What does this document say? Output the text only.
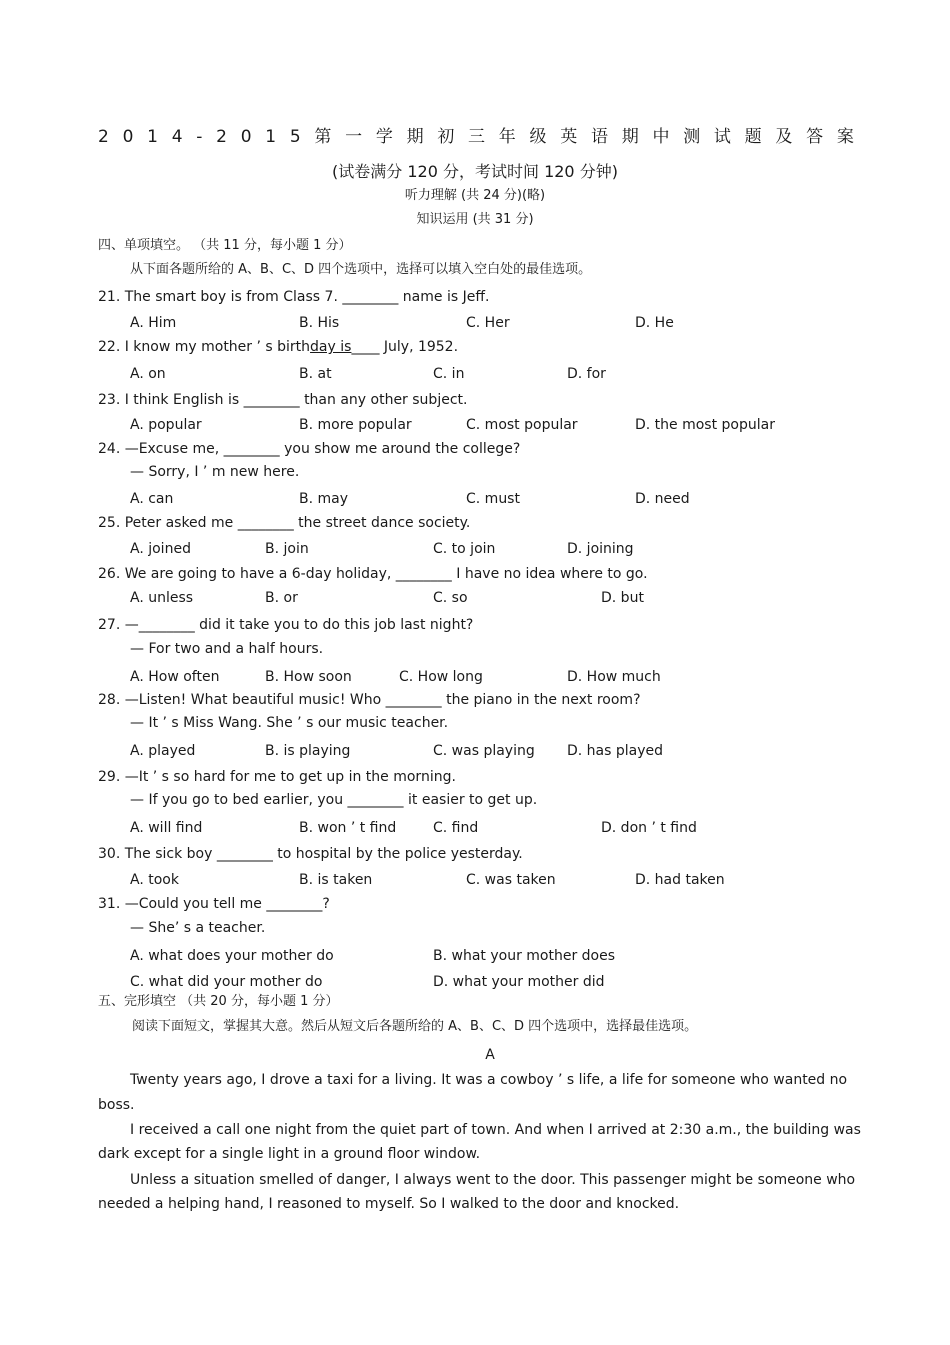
2 0 1 4 - 2 0 1 5 第 一 学 期 初 三 年 级 英 语 期 中 测 试 题 及 答 案
(试卷满分 120 分，考试时间 120 分钟)
听力理解 (共 24 分)(略)
知识运用 (共 31 分)
四、单项填空。 （共 11 分，每小题 1 分）
从下面各题所给的 A、B、C、D 四个选项中，选择可以填入空白处的最佳选项。
21. The smart boy is from Class 7. ________ name is Jeff.
A. Him	B. His	C. Her	D. He
22. I know my mother ’ s birthday is____ July, 1952.
A. on	B. at	C. in	D. for
23. I think English is ________ than any other subject.
A. popular	B. more popular	C. most popular	D. the most popular
24. —Excuse me, ________ you show me around the college?
— Sorry, I ’ m new here.
A. can	B. may	C. must	D. need
25. Peter asked me ________ the street dance society.
A. joined	B. join	C. to join	D. joining
26. We are going to have a 6-day holiday, ________ I have no idea where to go.
A. unless	B. or	C. so	D. but
27. —________ did it take you to do this job last night?
— For two and a half hours.
A. How often	B. How soon	C. How long	D. How much
28. —Listen! What beautiful music! Who ________ the piano in the next room?
— It ’ s Miss Wang. She ’ s our music teacher.
A. played	B. is playing	C. was playing D. has played
29. —It ’ s so hard for me to get up in the morning.
— If you go to bed earlier, you ________ it easier to get up.
A. will find	B. won ’ t find	C. find	D. don ’ t find
30. The sick boy ________ to hospital by the police yesterday.
A. took	B. is taken	C. was taken	D. had taken
31. —Could you tell me ________?
— She’ s a teacher.
A. what does your mother do	B. what your mother does
C. what did your mother do	D. what your mother did
五、完形填空 （共 20 分，每小题 1 分）
阅读下面短文，掌握其大意。然后从短文后各题所给的 A、B、C、D 四个选项中，选择最佳选项。
A
Twenty years ago, I drove a taxi for a living. It was a cowboy ’ s life, a life for someone who wanted no
boss.
I received a call one night from the quiet part of town. And when I arrived at 2:30 a.m., the building was
dark except for a single light in a ground floor window.
Unless a situation smelled of danger, I always went to the door. This passenger might be someone who
needed a helping hand, I reasoned to myself. So I walked to the door and knocked.
